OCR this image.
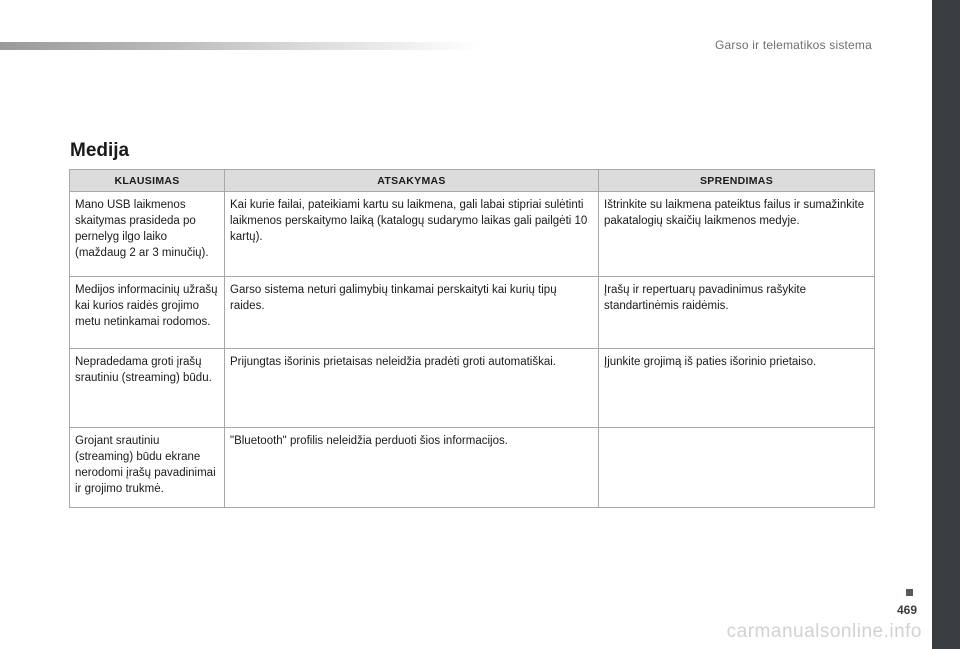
Garso ir telematikos sistema
Medija
KLAUSIMAS	ATSAKYMAS	SPRENDIMAS
Mano USB laikmenos skaitymas prasideda po pernelyg ilgo laiko (maždaug 2 ar 3 minučių).	Kai kurie failai, pateikiami kartu su laikmena, gali labai stipriai sulėtinti laikmenos perskaitymo laiką (katalogų sudarymo laikas gali pailgėti 10 kartų).	Ištrinkite su laikmena pateiktus failus ir sumažinkite pakatalogių skaičių laikmenos medyje.
Medijos informacinių užrašų kai kurios raidės grojimo metu netinkamai rodomos.	Garso sistema neturi galimybių tinkamai perskaityti kai kurių tipų raides.	Įrašų ir repertuarų pavadinimus rašykite standartinėmis raidėmis.
Nepradedama groti įrašų srautiniu (streaming) būdu.	Prijungtas išorinis prietaisas neleidžia pradėti groti automatiškai.	Įjunkite grojimą iš paties išorinio prietaiso.
Grojant srautiniu (streaming) būdu ekrane nerodomi įrašų pavadinimai ir grojimo trukmė.	"Bluetooth" profilis neleidžia perduoti šios informacijos.	
469
carmanualsonline.info
